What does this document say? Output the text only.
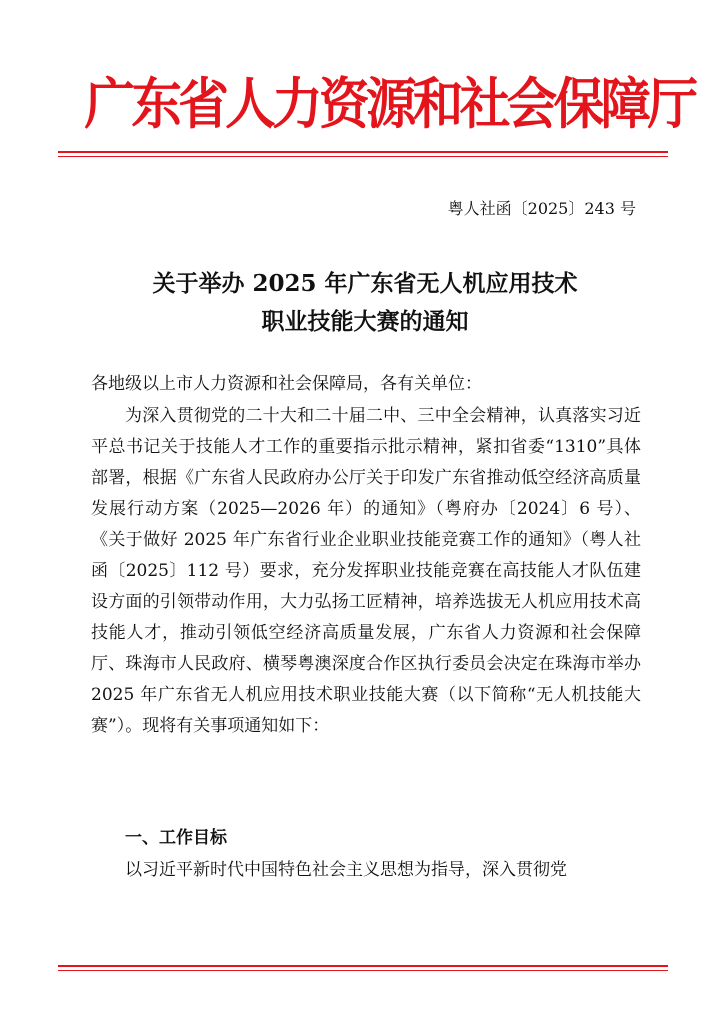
广东省人力资源和社会保障厅
粤人社函〔2025〕243 号
关于举办 2025 年广东省无人机应用技术
职业技能大赛的通知
各地级以上市人力资源和社会保障局，各有关单位：
为深入贯彻党的二十大和二十届二中、三中全会精神，认真落实习近平总书记关于技能人才工作的重要指示批示精神，紧扣省委“1310”具体部署，根据《广东省人民政府办公厅关于印发广东省推动低空经济高质量发展行动方案（2025—2026 年）的通知》（粤府办〔2024〕6 号）、《关于做好 2025 年广东省行业企业职业技能竞赛工作的通知》（粤人社函〔2025〕112 号）要求，充分发挥职业技能竞赛在高技能人才队伍建设方面的引领带动作用，大力弘扬工匠精神，培养选拔无人机应用技术高技能人才，推动引领低空经济高质量发展，广东省人力资源和社会保障厅、珠海市人民政府、横琴粤澳深度合作区执行委员会决定在珠海市举办 2025 年广东省无人机应用技术职业技能大赛（以下简称“无人机技能大赛”）。现将有关事项通知如下：
一、工作目标
以习近平新时代中国特色社会主义思想为指导，深入贯彻党
